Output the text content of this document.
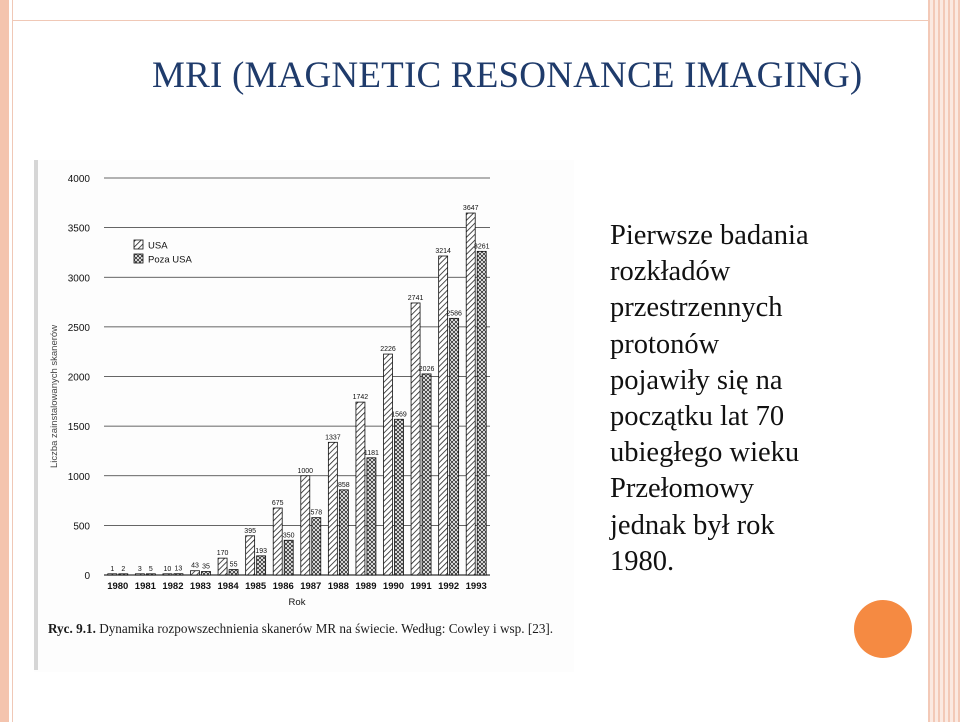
MRI (MAGNETIC RESONANCE IMAGING)
1 2 3 5 10 13 43 35
170
55
395
193
675
350
1000
578
1337
858
1742
1181
2226
1569
2741
2026
3214
2586
3647
3261
0
500
1000
1500
2000
2500
3000
3500
4000
Liczba zainstalowanych skanerów
1980 1981 1982 1983 1984 1985 1986 1987 1988 1989 1990 1991 1992 1993
Rok
USA
Poza USA
Ryc. 9.1. Dynamika rozpowszechnienia skanerów MR na świecie. Według: Cowley i wsp. [23].
Pierwsze badania
rozkładów
przestrzennych
protonów
pojawiły się na
początku lat 70
ubiegłego wieku
Przełomowy
jednak był rok
1980.
